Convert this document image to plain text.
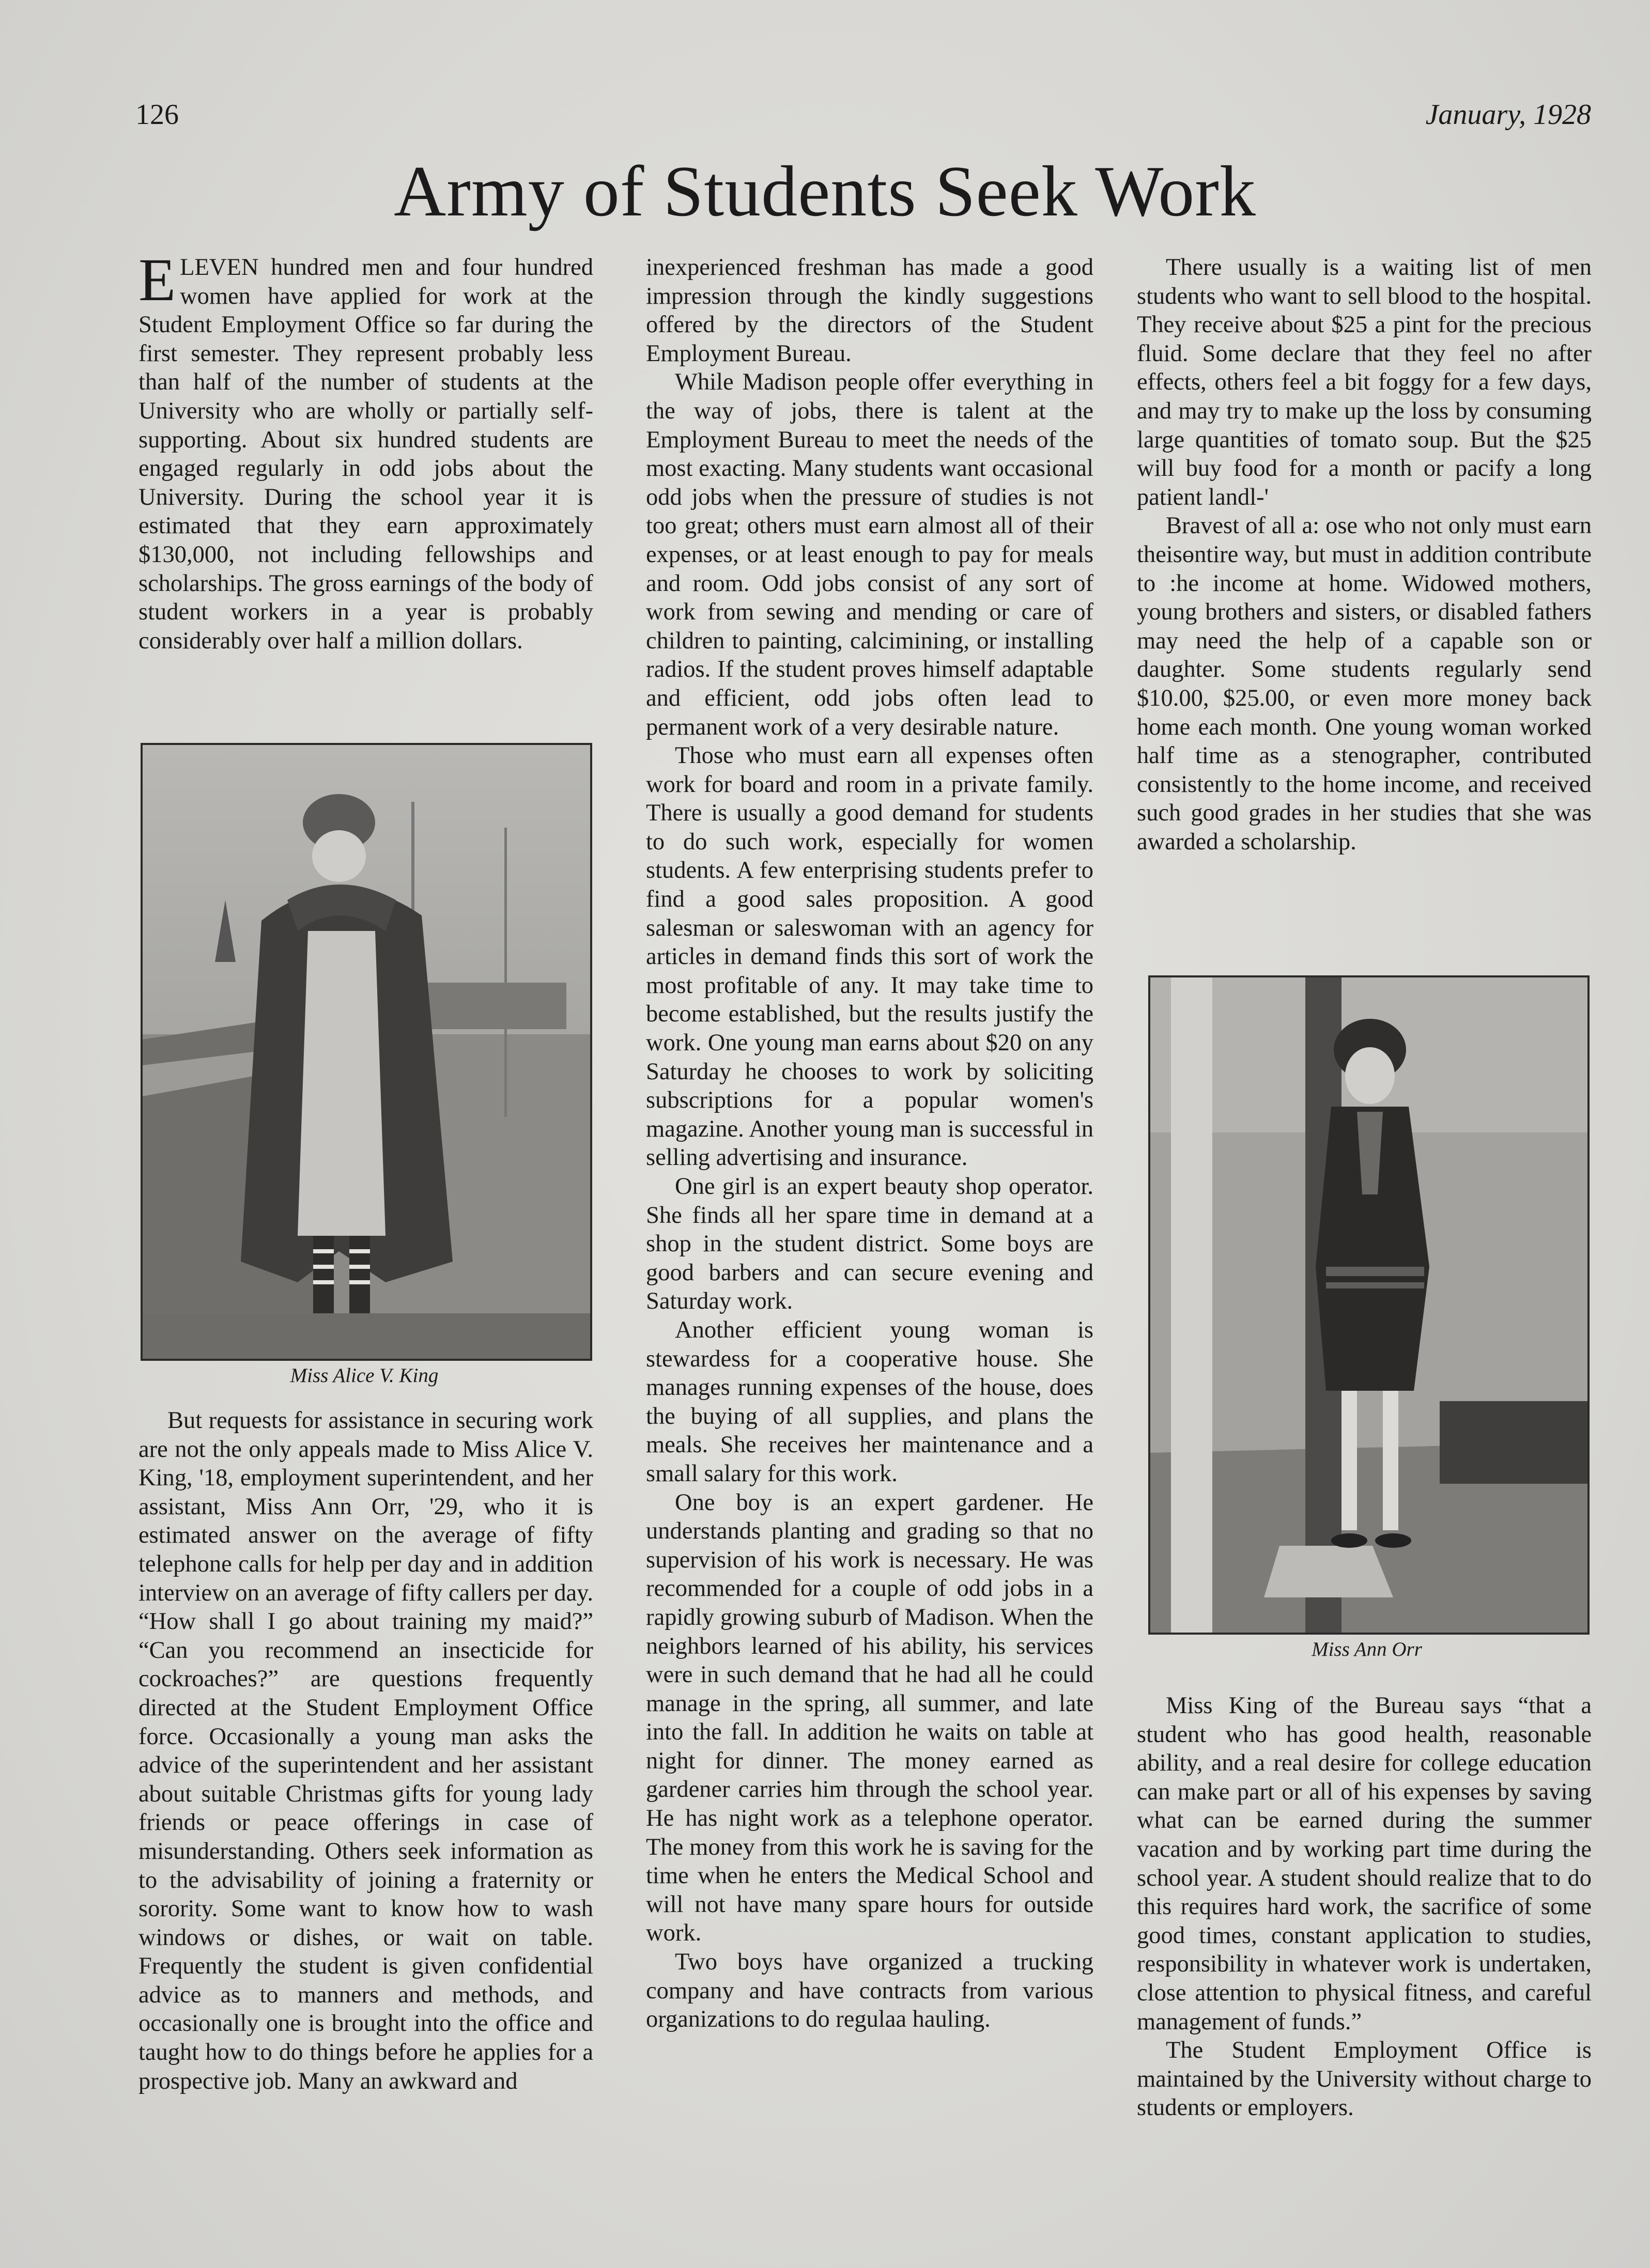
126	January, 1928
Army of Students Seek Work

ELEVEN hundred men and four hundred women have applied for work at the Student Employment Office so far during the first semester. They represent probably less than half of the number of students at the University who are wholly or partially self-supporting. About six hundred students are engaged regularly in odd jobs about the University. During the school year it is estimated that they earn approximately $130,000, not including fellowships and scholarships. The gross earnings of the body of student workers in a year is probably considerably over half a million dollars.

Miss Alice V. King

But requests for assistance in securing work are not the only appeals made to Miss Alice V. King, '18, employment superintendent, and her assistant, Miss Ann Orr, '29, who it is estimated answer on the average of fifty telephone calls for help per day and in addition interview on an average of fifty callers per day. “How shall I go about training my maid?” “Can you recommend an insecticide for cockroaches?” are questions frequently directed at the Student Employment Office force. Occasionally a young man asks the advice of the superintendent and her assistant about suitable Christmas gifts for young lady friends or peace offerings in case of misunderstanding. Others seek information as to the advisability of joining a fraternity or sorority. Some want to know how to wash windows or dishes, or wait on table. Frequently the student is given confidential advice as to manners and methods, and occasionally one is brought into the office and taught how to do things before he applies for a prospective job. Many an awkward and

inexperienced freshman has made a good impression through the kindly suggestions offered by the directors of the Student Employment Bureau.

While Madison people offer everything in the way of jobs, there is talent at the Employment Bureau to meet the needs of the most exacting. Many students want occasional odd jobs when the pressure of studies is not too great; others must earn almost all of their expenses, or at least enough to pay for meals and room. Odd jobs consist of any sort of work from sewing and mending or care of children to painting, calcimining, or installing radios. If the student proves himself adaptable and efficient, odd jobs often lead to permanent work of a very desirable nature.

Those who must earn all expenses often work for board and room in a private family. There is usually a good demand for students to do such work, especially for women students. A few enterprising students prefer to find a good sales proposition. A good salesman or saleswoman with an agency for articles in demand finds this sort of work the most profitable of any. It may take time to become established, but the results justify the work. One young man earns about $20 on any Saturday he chooses to work by soliciting subscriptions for a popular women's magazine. Another young man is successful in selling advertising and insurance.

One girl is an expert beauty shop operator. She finds all her spare time in demand at a shop in the student district. Some boys are good barbers and can secure evening and Saturday work.

Another efficient young woman is stewardess for a cooperative house. She manages running expenses of the house, does the buying of all supplies, and plans the meals. She receives her maintenance and a small salary for this work.

One boy is an expert gardener. He understands planting and grading so that no supervision of his work is necessary. He was recommended for a couple of odd jobs in a rapidly growing suburb of Madison. When the neighbors learned of his ability, his services were in such demand that he had all he could manage in the spring, all summer, and late into the fall. In addition he waits on table at night for dinner. The money earned as gardener carries him through the school year. He has night work as a telephone operator. The money from this work he is saving for the time when he enters the Medical School and will not have many spare hours for outside work.

Two boys have organized a trucking company and have contracts from various organizations to do regulaa hauling.

There usually is a waiting list of men students who want to sell blood to the hospital. They receive about $25 a pint for the precious fluid. Some declare that they feel no after effects, others feel a bit foggy for a few days, and may try to make up the loss by consuming large quantities of tomato soup. But the $25 will buy food for a month or pacify a long patient landl-'

Bravest of all a: ose who not only must earn theisɵntire way, but must in addition contribute to :he income at home. Widowed mothers, young brothers and sisters, or disabled fathers may need the help of a capable son or daughter. Some students regularly send $10.00, $25.00, or even more money back home each month. One young woman worked half time as a stenographer, contributed consistently to the home income, and received such good grades in her studies that she was awarded a scholarship.

Miss Ann Orr

Miss King of the Bureau says “that a student who has good health, reasonable ability, and a real desire for college education can make part or all of his expenses by saving what can be earned during the summer vacation and by working part time during the school year. A student should realize that to do this requires hard work, the sacrifice of some good times, constant application to studies, responsibility in whatever work is undertaken, close attention to physical fitness, and careful management of funds.”

The Student Employment Office is maintained by the University without charge to students or employers.
